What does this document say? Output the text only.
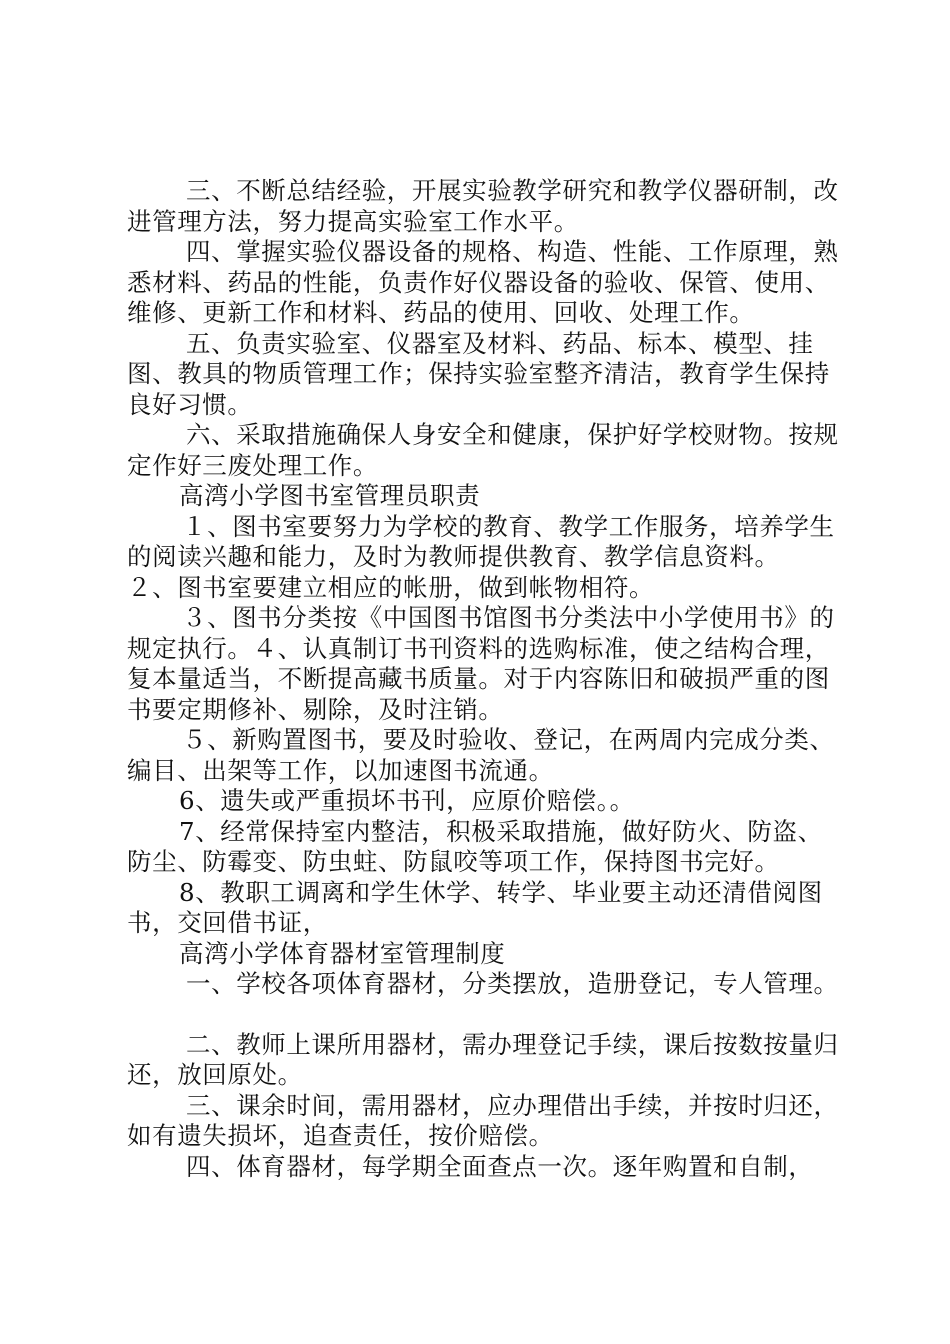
三、不断总结经验，开展实验教学研究和教学仪器研制，改进管理方法，努力提高实验室工作水平。

四、掌握实验仪器设备的规格、构造、性能、工作原理，熟悉材料、药品的性能，负责作好仪器设备的验收、保管、使用、维修、更新工作和材料、药品的使用、回收、处理工作。

五、负责实验室、仪器室及材料、药品、标本、模型、挂图、教具的物质管理工作；保持实验室整齐清洁，教育学生保持良好习惯。

六、采取措施确保人身安全和健康，保护好学校财物。按规定作好三废处理工作。

高湾小学图书室管理员职责

１、图书室要努力为学校的教育、教学工作服务，培养学生的阅读兴趣和能力，及时为教师提供教育、教学信息资料。

２、图书室要建立相应的帐册，做到帐物相符。

３、图书分类按《中国图书馆图书分类法中小学使用书》的规定执行。４、认真制订书刊资料的选购标准，使之结构合理，复本量适当，不断提高藏书质量。对于内容陈旧和破损严重的图书要定期修补、剔除，及时注销。

５、新购置图书，要及时验收、登记，在两周内完成分类、编目、出架等工作，以加速图书流通。

6、遗失或严重损坏书刊，应原价赔偿。。

7、经常保持室内整洁，积极采取措施，做好防火、防盗、防尘、防霉变、防虫蛀、防鼠咬等项工作，保持图书完好。

8、教职工调离和学生休学、转学、毕业要主动还清借阅图书，交回借书证，

高湾小学体育器材室管理制度

一、学校各项体育器材，分类摆放，造册登记，专人管理。

二、教师上课所用器材，需办理登记手续，课后按数按量归还，放回原处。

三、课余时间，需用器材，应办理借出手续，并按时归还，如有遗失损坏，追查责任，按价赔偿。

四、体育器材，每学期全面查点一次。逐年购置和自制，
